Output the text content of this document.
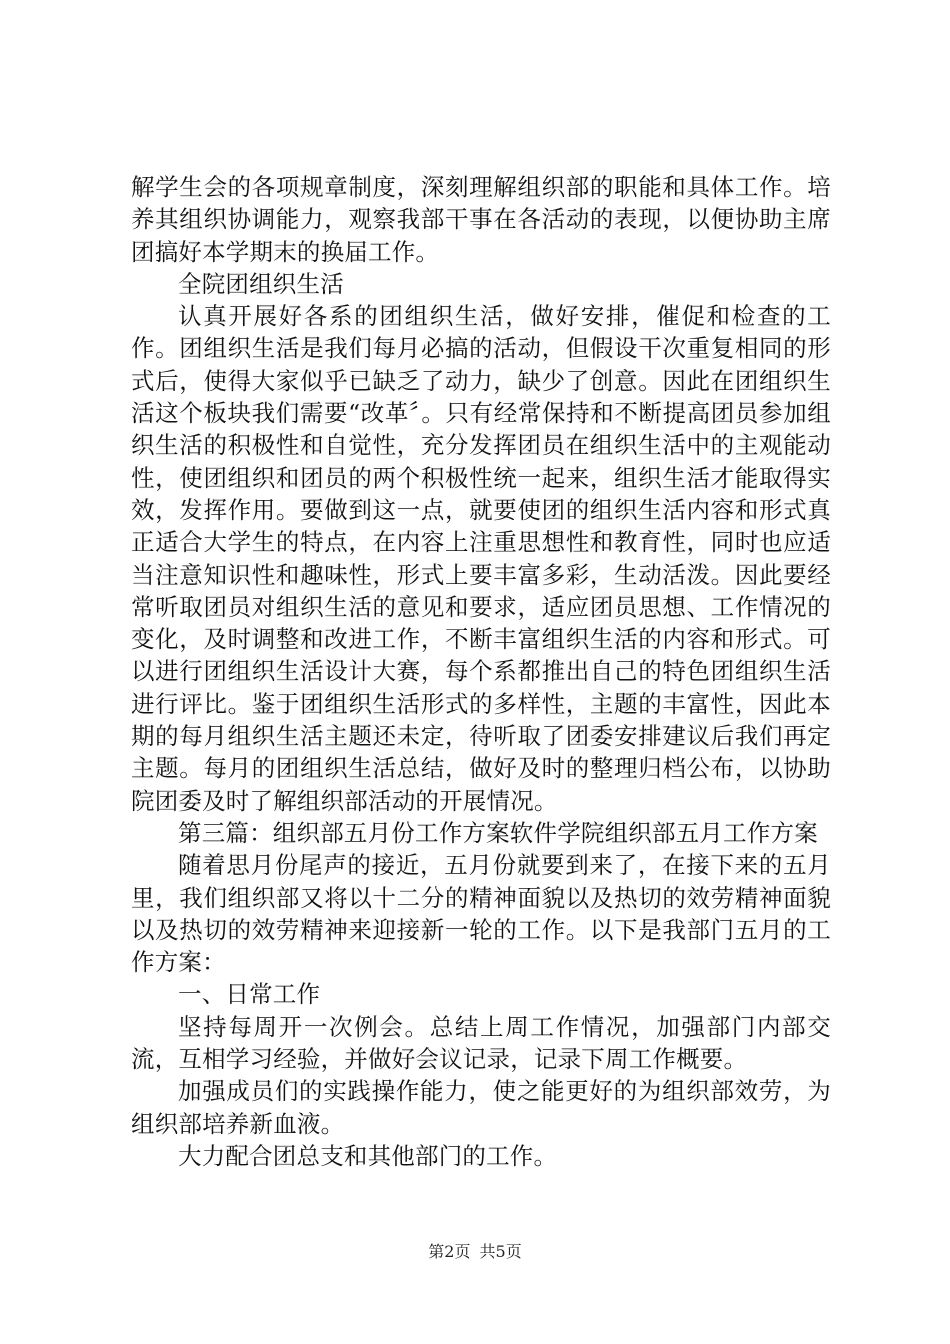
解学生会的各项规章制度，深刻理解组织部的职能和具体工作。培养其组织协调能力，观察我部干事在各活动的表现，以便协助主席团搞好本学期末的换届工作。

全院团组织生活

认真开展好各系的团组织生活，做好安排，催促和检查的工作。团组织生活是我们每月必搞的活动，但假设干次重复相同的形式后，使得大家似乎已缺乏了动力，缺少了创意。因此在团组织生活这个板块我们需要“改革〞。只有经常保持和不断提高团员参加组织生活的积极性和自觉性，充分发挥团员在组织生活中的主观能动性，使团组织和团员的两个积极性统一起来，组织生活才能取得实效，发挥作用。要做到这一点，就要使团的组织生活内容和形式真正适合大学生的特点，在内容上注重思想性和教育性，同时也应适当注意知识性和趣味性，形式上要丰富多彩，生动活泼。因此要经常听取团员对组织生活的意见和要求，适应团员思想、工作情况的变化，及时调整和改进工作，不断丰富组织生活的内容和形式。可以进行团组织生活设计大赛，每个系都推出自己的特色团组织生活进行评比。鉴于团组织生活形式的多样性，主题的丰富性，因此本期的每月组织生活主题还未定，待听取了团委安排建议后我们再定主题。每月的团组织生活总结，做好及时的整理归档公布，以协助院团委及时了解组织部活动的开展情况。

第三篇：组织部五月份工作方案软件学院组织部五月工作方案

随着思月份尾声的接近，五月份就要到来了，在接下来的五月里，我们组织部又将以十二分的精神面貌以及热切的效劳精神面貌以及热切的效劳精神来迎接新一轮的工作。以下是我部门五月的工作方案：

一、日常工作

坚持每周开一次例会。总结上周工作情况，加强部门内部交流，互相学习经验，并做好会议记录，记录下周工作概要。

加强成员们的实践操作能力，使之能更好的为组织部效劳，为组织部培养新血液。

大力配合团总支和其他部门的工作。

第2页 共5页
